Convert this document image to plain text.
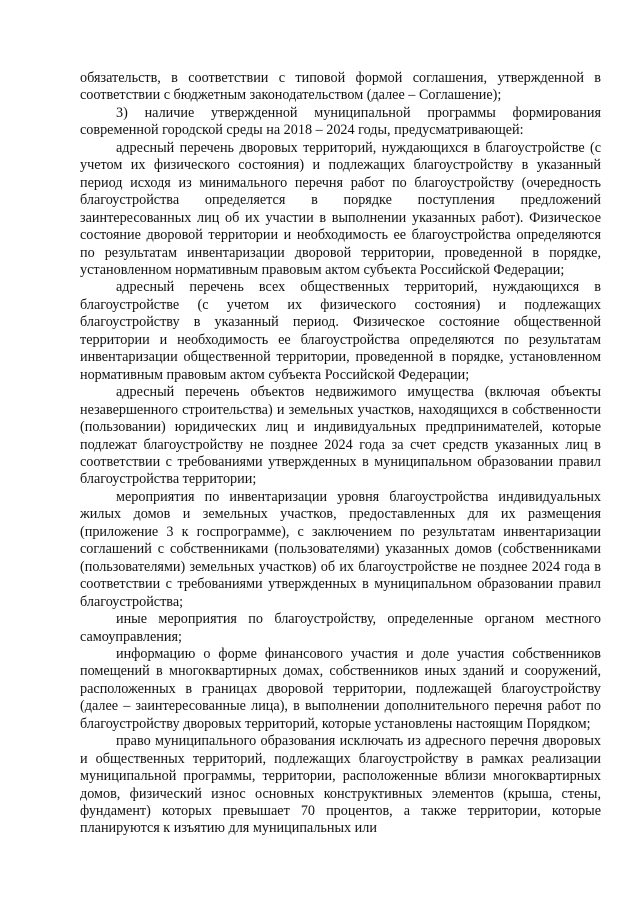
обязательств, в соответствии с типовой формой соглашения, утвержденной в соответствии с бюджетным законодательством (далее – Соглашение);

3) наличие утвержденной муниципальной программы формирования современной городской среды на 2018 – 2024 годы, предусматривающей:

адресный перечень дворовых территорий, нуждающихся в благоустройстве (с учетом их физического состояния) и подлежащих благоустройству в указанный период исходя из минимального перечня работ по благоустройству (очередность благоустройства определяется в порядке поступления предложений заинтересованных лиц об их участии в выполнении указанных работ). Физическое состояние дворовой территории и необходимость ее благоустройства определяются по результатам инвентаризации дворовой территории, проведенной в порядке, установленном нормативным правовым актом субъекта Российской Федерации;

адресный перечень всех общественных территорий, нуждающихся в благоустройстве (с учетом их физического состояния) и подлежащих благоустройству в указанный период. Физическое состояние общественной территории и необходимость ее благоустройства определяются по результатам инвентаризации общественной территории, проведенной в порядке, установленном нормативным правовым актом субъекта Российской Федерации;

адресный перечень объектов недвижимого имущества (включая объекты незавершенного строительства) и земельных участков, находящихся в собственности (пользовании) юридических лиц и индивидуальных предпринимателей, которые подлежат благоустройству не позднее 2024 года за счет средств указанных лиц в соответствии с требованиями утвержденных в муниципальном образовании правил благоустройства территории;

мероприятия по инвентаризации уровня благоустройства индивидуальных жилых домов и земельных участков, предоставленных для их размещения (приложение 3 к госпрограмме), с заключением по результатам инвентаризации соглашений с собственниками (пользователями) указанных домов (собственниками (пользователями) земельных участков) об их благоустройстве не позднее 2024 года в соответствии с требованиями утвержденных в муниципальном образовании правил благоустройства;

иные мероприятия по благоустройству, определенные органом местного самоуправления;

информацию о форме финансового участия и доле участия собственников помещений в многоквартирных домах, собственников иных зданий и сооружений, расположенных в границах дворовой территории, подлежащей благоустройству (далее – заинтересованные лица), в выполнении дополнительного перечня работ по благоустройству дворовых территорий, которые установлены настоящим Порядком;

право муниципального образования исключать из адресного перечня дворовых и общественных территорий, подлежащих благоустройству в рамках реализации муниципальной программы, территории, расположенные вблизи многоквартирных домов, физический износ основных конструктивных элементов (крыша, стены, фундамент) которых превышает 70 процентов, а также территории, которые планируются к изъятию для муниципальных или
